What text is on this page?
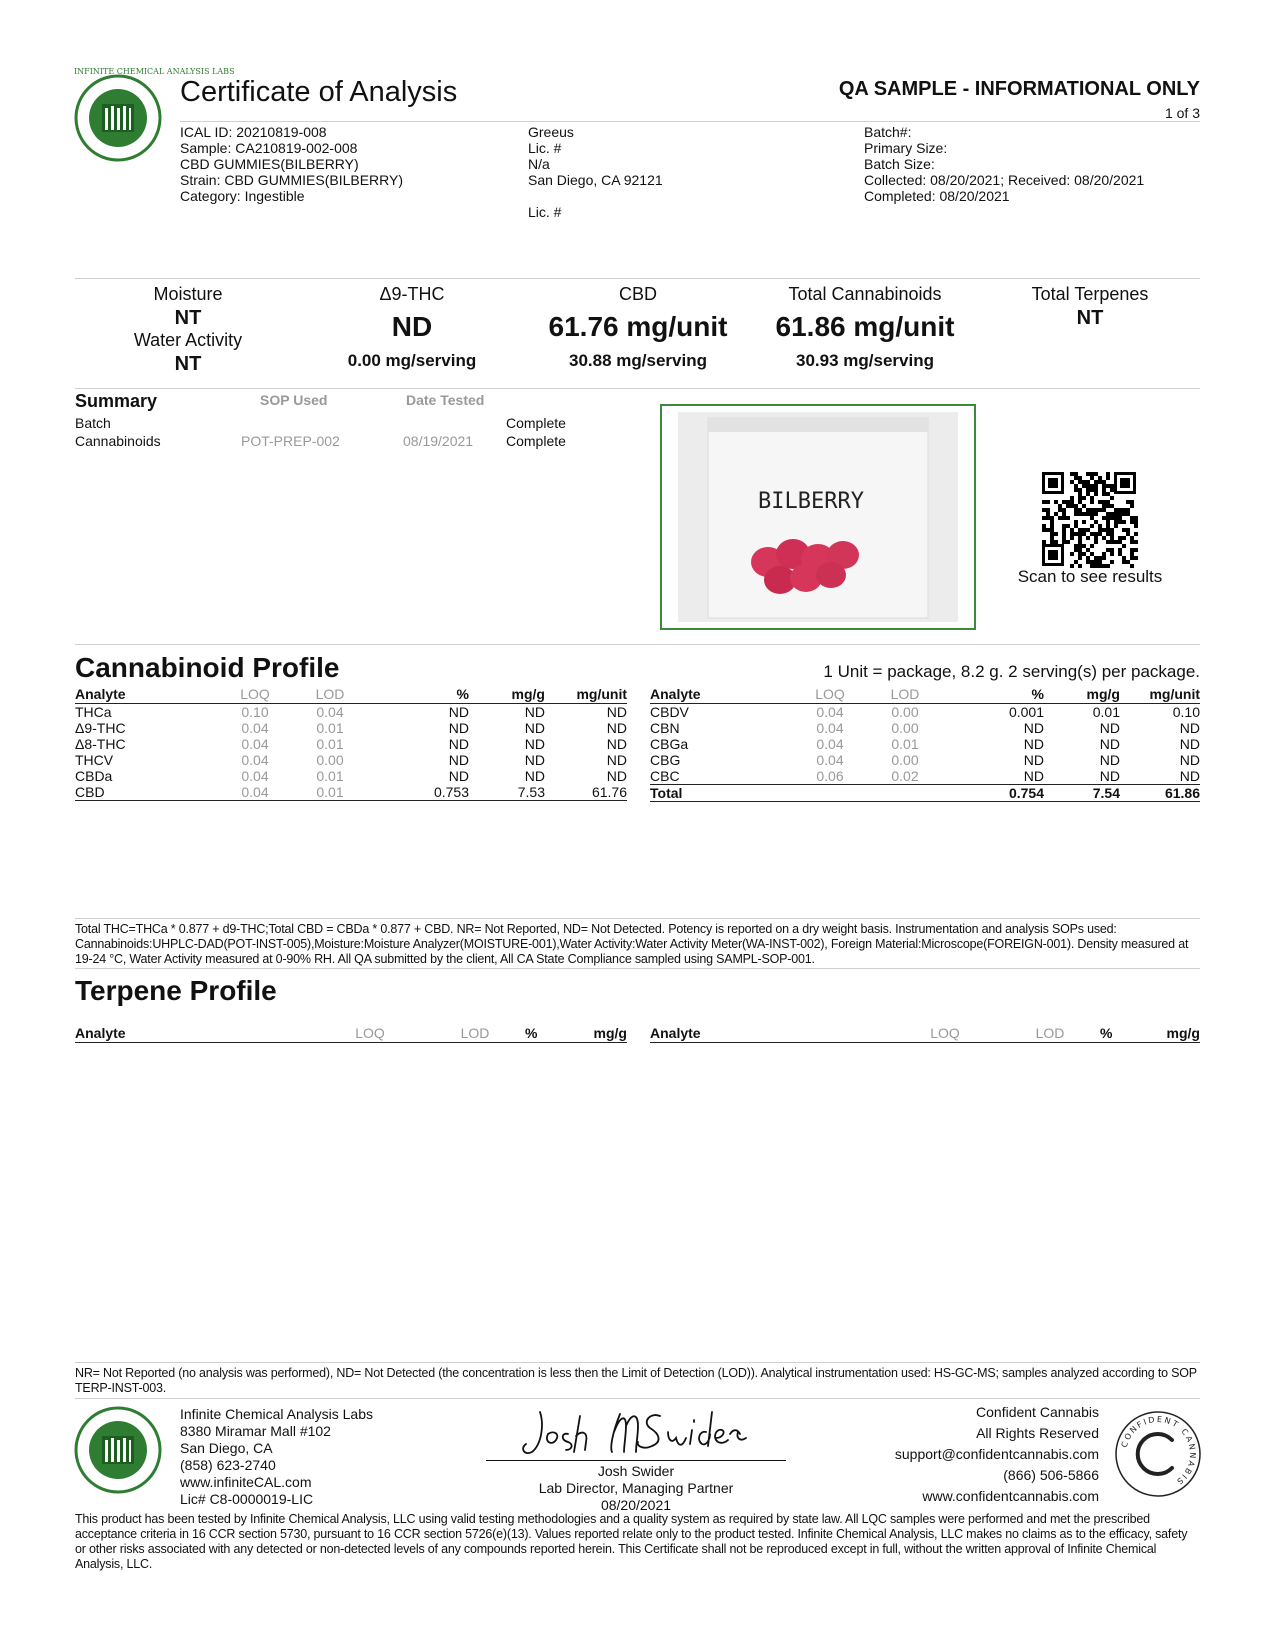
INFINITE CHEMICAL ANALYSIS LABS
Certificate of Analysis	QA SAMPLE - INFORMATIONAL ONLY
1 of 3
ICAL ID: 20210819-008
Sample: CA210819-002-008
CBD GUMMIES(BILBERRY)
Strain: CBD GUMMIES(BILBERRY)
Category: Ingestible
Greeus
Lic. #
N/a
San Diego, CA 92121
Lic. #
Batch#:
Primary Size:
Batch Size:
Collected: 08/20/2021; Received: 08/20/2021
Completed: 08/20/2021
Moisture
NT
Water Activity
NT
Δ9-THC
ND
0.00 mg/serving
CBD
61.76 mg/unit
30.88 mg/serving
Total Cannabinoids
61.86 mg/unit
30.93 mg/serving
Total Terpenes
NT
Summary	SOP Used	Date Tested
Batch	Complete
Cannabinoids	POT-PREP-002	08/19/2021 Complete
BILBERRY
Scan to see results
Cannabinoid Profile	1 Unit = package, 8.2 g. 2 serving(s) per package.
Analyte	LOQ	LOD	%	mg/g	mg/unit
THCa	0.10	0.04	ND	ND	ND
Δ9-THC	0.04	0.01	ND	ND	ND
Δ8-THC	0.04	0.01	ND	ND	ND
THCV	0.04	0.00	ND	ND	ND
CBDa	0.04	0.01	ND	ND	ND
CBD	0.04	0.01	0.753	7.53	61.76
Analyte	LOQ	LOD	%	mg/g	mg/unit
CBDV	0.04	0.00	0.001	0.01	0.10
CBN	0.04	0.00	ND	ND	ND
CBGa	0.04	0.01	ND	ND	ND
CBG	0.04	0.00	ND	ND	ND
CBC	0.06	0.02	ND	ND	ND
Total			0.754	7.54	61.86
Total THC=THCa * 0.877 + d9-THC;Total CBD = CBDa * 0.877 + CBD. NR= Not Reported, ND= Not Detected. Potency is reported on a dry weight basis. Instrumentation and analysis SOPs used: Cannabinoids:UHPLC-DAD(POT-INST-005),Moisture:Moisture Analyzer(MOISTURE-001),Water Activity:Water Activity Meter(WA-INST-002), Foreign Material:Microscope(FOREIGN-001). Density measured at 19-24 °C, Water Activity measured at 0-90% RH. All QA submitted by the client, All CA State Compliance sampled using SAMPL-SOP-001.
Terpene Profile
Analyte	LOQ	LOD	%	mg/g Analyte	LOQ	LOD	%	mg/g
NR= Not Reported (no analysis was performed), ND= Not Detected (the concentration is less then the Limit of Detection (LOD)). Analytical instrumentation used: HS-GC-MS; samples analyzed according to SOP TERP-INST-003.
Infinite Chemical Analysis Labs
8380 Miramar Mall #102
San Diego, CA
(858) 623-2740
www.infiniteCAL.com
Lic# C8-0000019-LIC
Josh Swider
Lab Director, Managing Partner
08/20/2021
Confident Cannabis
All Rights Reserved
support@confidentcannabis.com
(866) 506-5866
www.confidentcannabis.com
CONFIDENT CANNABIS
This product has been tested by Infinite Chemical Analysis, LLC using valid testing methodologies and a quality system as required by state law. All LQC samples were performed and met the prescribed acceptance criteria in 16 CCR section 5730, pursuant to 16 CCR section 5726(e)(13). Values reported relate only to the product tested. Infinite Chemical Analysis, LLC makes no claims as to the efficacy, safety or other risks associated with any detected or non-detected levels of any compounds reported herein. This Certificate shall not be reproduced except in full, without the written approval of Infinite Chemical Analysis, LLC.
